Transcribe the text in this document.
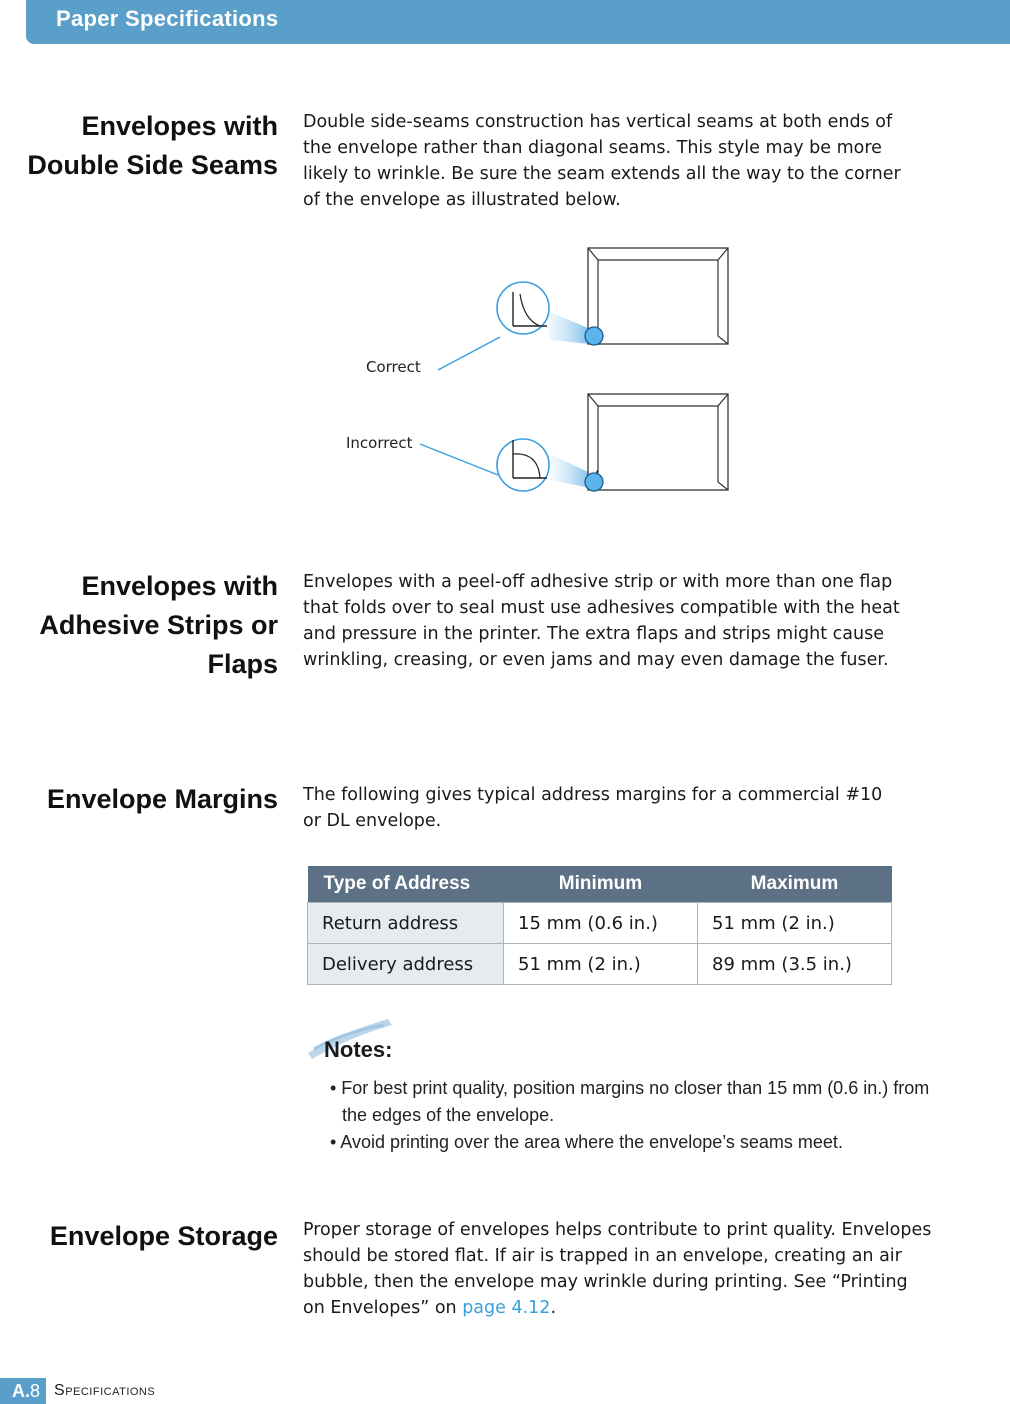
Paper Specifications
Envelopes with
Double Side Seams

Double side-seams construction has vertical seams at both ends of the envelope rather than diagonal seams. This style may be more likely to wrinkle. Be sure the seam extends all the way to the corner of the envelope as illustrated below.

Correct
Incorrect
Envelopes with
Adhesive Strips or
Flaps

Envelopes with a peel-off adhesive strip or with more than one flap that folds over to seal must use adhesives compatible with the heat and pressure in the printer. The extra flaps and strips might cause wrinkling, creasing, or even jams and may even damage the fuser.

Envelope Margins The following gives typical address margins for a commercial #10 or DL envelope.

Type of Address	Minimum	Maximum
Return address	15 mm (0.6 in.)	51 mm (2 in.)
Delivery address	51 mm (2 in.)	89 mm (3.5 in.)
Notes:
• For best print quality, position margins no closer than 15 mm (0.6 in.) from the edges of the envelope.
• Avoid printing over the area where the envelope’s seams meet.
Envelope Storage Proper storage of envelopes helps contribute to print quality. Envelopes should be stored flat. If air is trapped in an envelope, creating an air bubble, then the envelope may wrinkle during printing. See “Printing on Envelopes” on page 4.12.

A. 8 Specifications
